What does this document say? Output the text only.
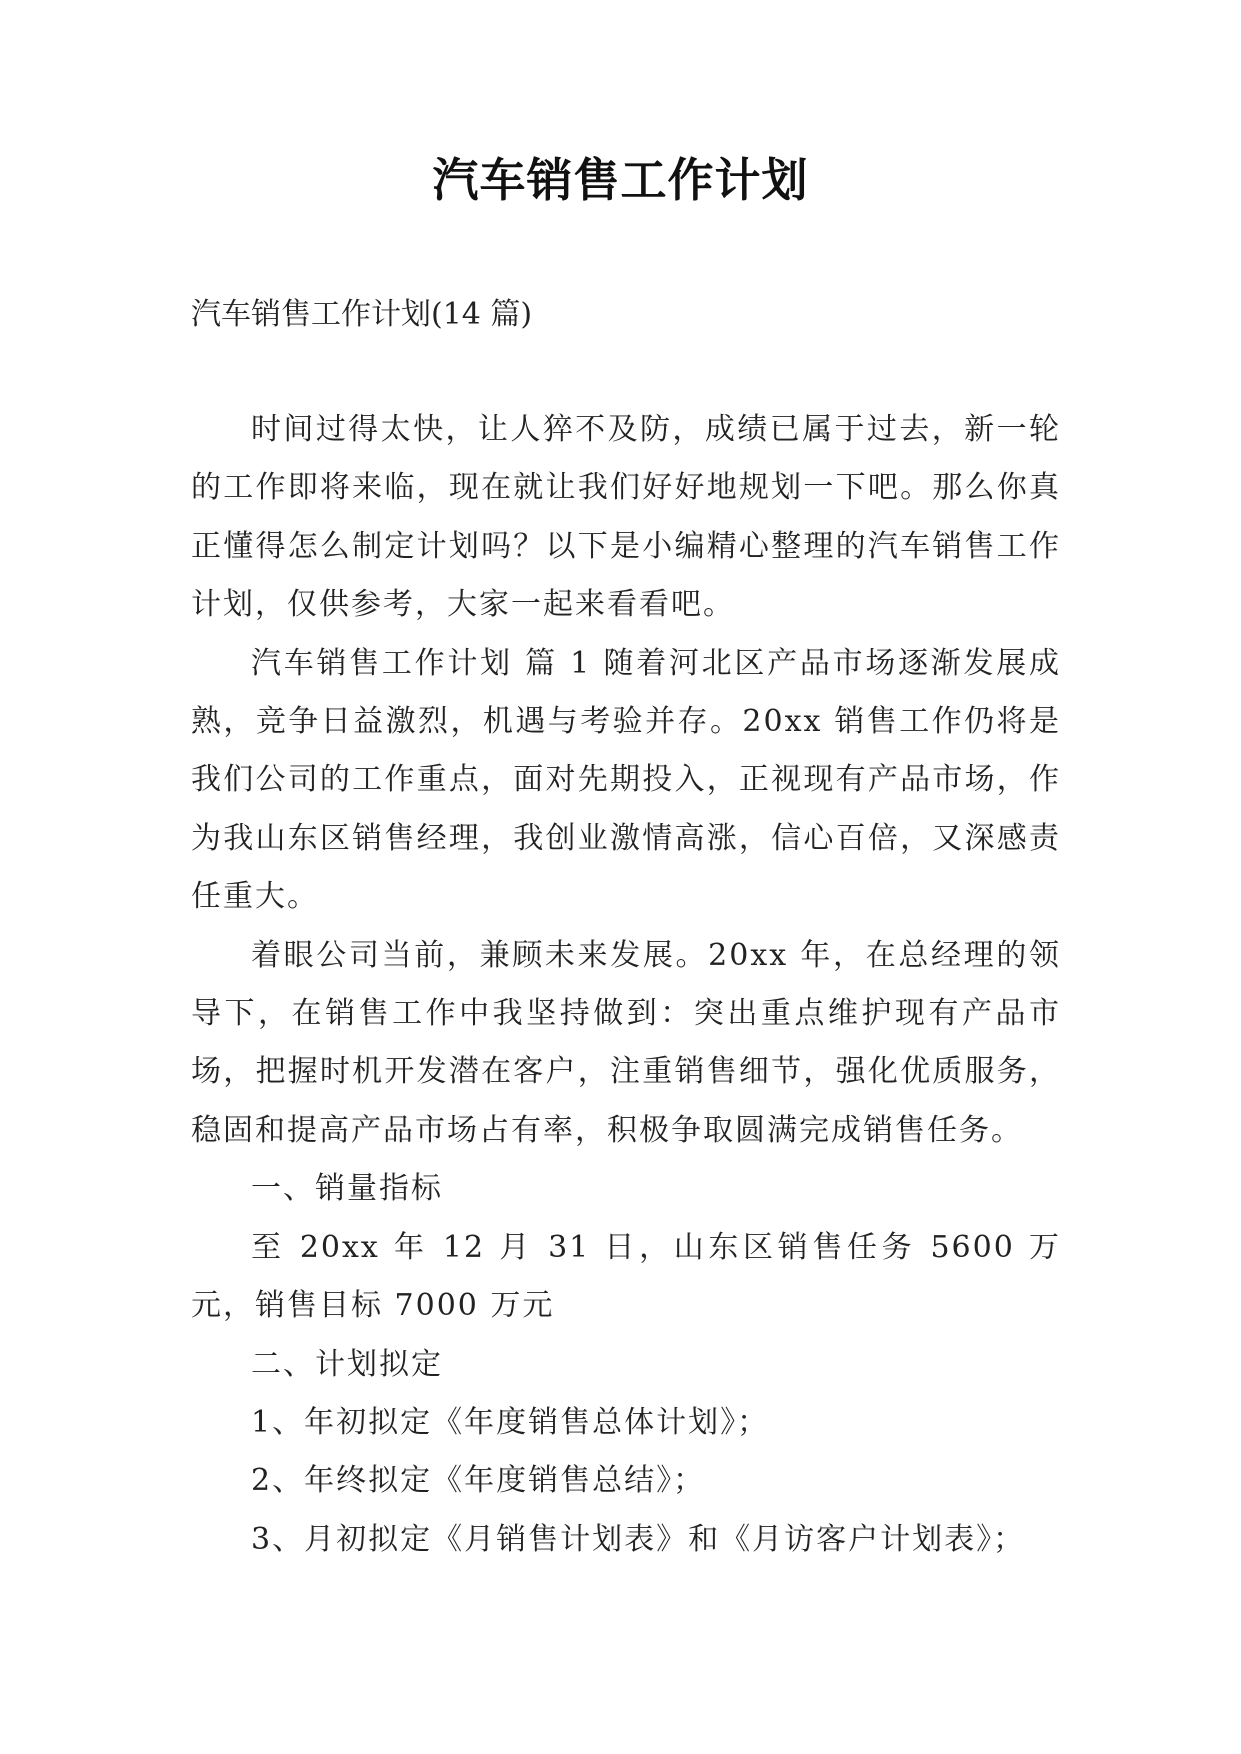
汽车销售工作计划
汽车销售工作计划(14 篇)

时间过得太快，让人猝不及防，成绩已属于过去，新一轮的工作即将来临，现在就让我们好好地规划一下吧。那么你真正懂得怎么制定计划吗？以下是小编精心整理的汽车销售工作计划，仅供参考，大家一起来看看吧。

汽车销售工作计划 篇 1 随着河北区产品市场逐渐发展成熟，竞争日益激烈，机遇与考验并存。20xx 销售工作仍将是我们公司的工作重点，面对先期投入，正视现有产品市场，作为我山东区销售经理，我创业激情高涨，信心百倍，又深感责任重大。

着眼公司当前，兼顾未来发展。20xx 年，在总经理的领导下，在销售工作中我坚持做到：突出重点维护现有产品市场，把握时机开发潜在客户，注重销售细节，强化优质服务，稳固和提高产品市场占有率，积极争取圆满完成销售任务。

一、销量指标

至 20xx 年 12 月 31 日，山东区销售任务 5600 万元，销售目标 7000 万元

二、计划拟定

1、年初拟定《年度销售总体计划》；

2、年终拟定《年度销售总结》；

3、月初拟定《月销售计划表》和《月访客户计划表》；
